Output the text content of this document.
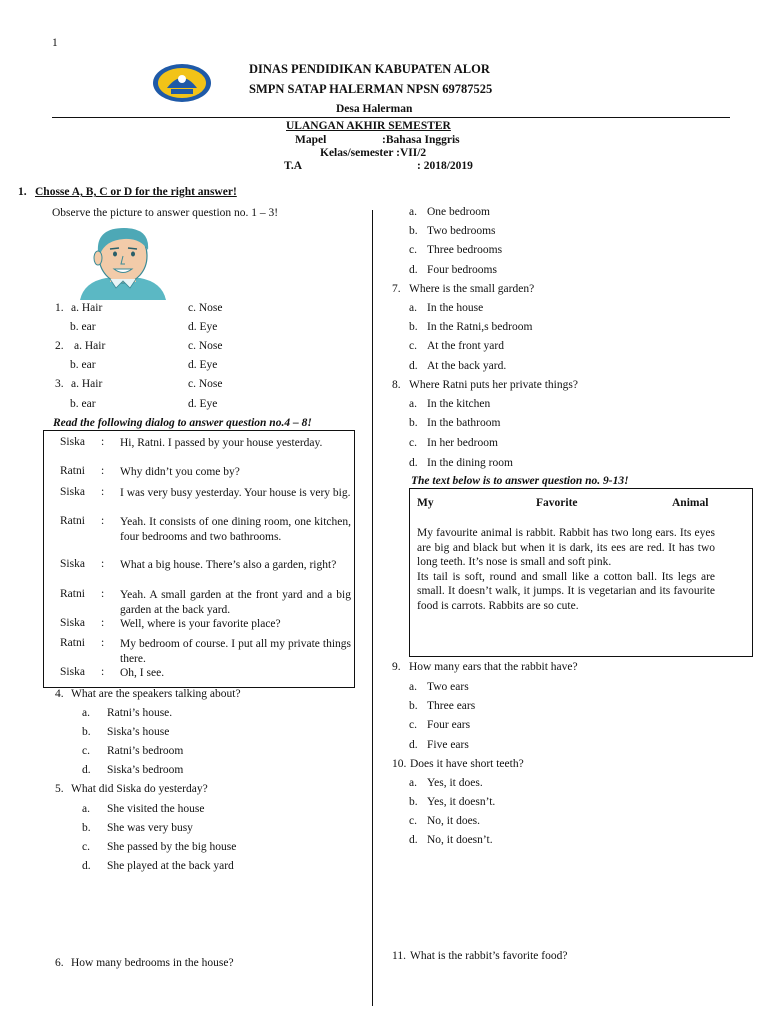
1
DINAS PENDIDIKAN KABUPATEN ALOR
SMPN SATAP HALERMAN NPSN 69787525
Desa Halerman
ULANGAN AKHIR SEMESTER
Mapel	:Bahasa Inggris
Kelas/semester :VII/2
T.A	: 2018/2019
1. Chosse A, B, C or D for the right answer!
Observe the picture to answer question no. 1 – 3!
1. a. Hair	c. Nose
b. ear	d. Eye
2. a. Hair	c. Nose
b. ear	d. Eye
3. a. Hair	c. Nose
b. ear	d. Eye
Read the following dialog to answer question no.4 – 8!
Siska : Hi, Ratni. I passed by your house yesterday.
Ratni : Why didn’t you come by?
Siska : I was very busy yesterday. Your house is very big.
Ratni : Yeah. It consists of one dining room, one kitchen, four bedrooms and two bathrooms.
Siska : What a big house. There’s also a garden, right?
Ratni : Yeah. A small garden at the front yard and a big garden at the back yard.
Siska : Well, where is your favorite place?
Ratni : My bedroom of course. I put all my private things there.
Siska : Oh, I see.
4. What are the speakers talking about?
a. Ratni’s house.
b. Siska’s house
c. Ratni’s bedroom
d. Siska’s bedroom
5. What did Siska do yesterday?
a. She visited the house
b. She was very busy
c. She passed by the big house
d. She played at the back yard
6. How many bedrooms in the house?
a. One bedroom
b. Two bedrooms
c. Three bedrooms
d. Four bedrooms
7. Where is the small garden?
a. In the house
b. In the Ratni,s bedroom
c. At the front yard
d. At the back yard.
8. Where Ratni puts her private things?
a. In the kitchen
b. In the bathroom
c. In her bedroom
d. In the dining room
The text below is to answer question no. 9-13!
My	Favorite	Animal

My favourite animal is rabbit. Rabbit has two long ears. Its eyes are big and black but when it is dark, its ees are red. It has two long teeth. It’s nose is small and soft pink.

Its tail is soft, round and small like a cotton ball. Its legs are small. It doesn’t walk, it jumps. It is vegetarian and its favourite food is carrots. Rabbits are so cute.

9. How many ears that the rabbit have?
a. Two ears
b. Three ears
c. Four ears
d. Five ears
10. Does it have short teeth?
a. Yes, it does.
b. Yes, it doesn’t.
c. No, it does.
d. No, it doesn’t.
11. What is the rabbit’s favorite food?
